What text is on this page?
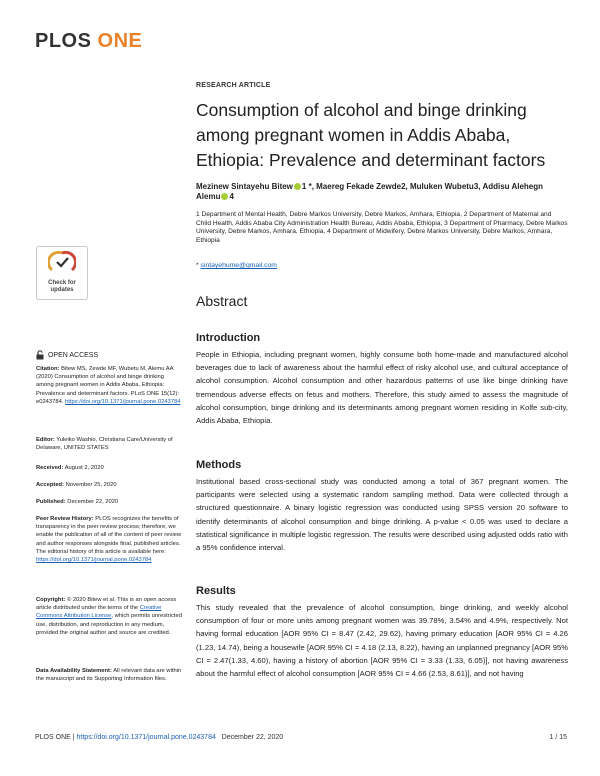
PLOS ONE
RESEARCH ARTICLE
Consumption of alcohol and binge drinking among pregnant women in Addis Ababa, Ethiopia: Prevalence and determinant factors
Mezinew Sintayehu Bitew 1 *, Maereg Fekade Zewde2, Muluken Wubetu3, Addisu Alehegn Alemu 4
1 Department of Mental Health, Debre Markos University, Debre Markos, Amhara, Ethiopia, 2 Department of Maternal and Child Health, Addis Ababa City Administration Health Bureau, Addis Ababa, Ethiopia, 3 Department of Pharmacy, Debre Markos University, Debre Markos, Amhara, Ethiopia, 4 Department of Midwifery, Debre Markos University, Debre Markos, Amhara, Ethiopia
* sintayehume@gmail.com
Abstract
Introduction

People in Ethiopia, including pregnant women, highly consume both home-made and manufactured alcohol beverages due to lack of awareness about the harmful effect of risky alcohol use, and cultural acceptance of alcohol consumption. Alcohol consumption and other hazardous patterns of use like binge drinking have tremendous adverse effects on fetus and mothers. Therefore, this study aimed to assess the magnitude of alcohol consumption, binge drinking and its determinants among pregnant women residing in Kolfe sub-city, Addis Ababa, Ethiopia.

Methods

Institutional based cross-sectional study was conducted among a total of 367 pregnant women. The participants were selected using a systematic random sampling method. Data were collected through a structured questionnaire. A binary logistic regression was conducted using SPSS version 20 software to identify determinants of alcohol consumption and binge drinking. A p-value < 0.05 was used to declare a statistical significance in multiple logistic regression. The results were described using adjusted odds ratio with a 95% confidence interval.

Results

This study revealed that the prevalence of alcohol consumption, binge drinking, and weekly alcohol consumption of four or more units among pregnant women was 39.78%, 3.54% and 4.9%, respectively. Not having formal education [AOR 95% CI = 8.47 (2.42, 29.62), having primary education [AOR 95% CI = 4.26 (1.23, 14.74), being a housewife [AOR 95% CI = 4.18 (2.13, 8.22), having an unplanned pregnancy [AOR 95% CI = 2.47(1.33, 4.60), having a history of abortion [AOR 95% CI = 3.33 (1.33, 6.05)], not having awareness about the harmful effect of alcohol consumption [AOR 95% CI = 4.66 (2.53, 8.61)], and not having

Check for
updates
OPEN ACCESS
Citation: Bitew MS, Zewde MF, Wubetu M, Alemu AA (2020) Consumption of alcohol and binge drinking among pregnant women in Addis Ababa, Ethiopia: Prevalence and determinant factors. PLoS ONE 15(12): e0243784. https://doi.org/10.1371/journal.pone.0243784
Editor: Yuleiko Washio, Christiana Care/University of Delaware, UNITED STATES
Received: August 2, 2020
Accepted: November 25, 2020
Published: December 22, 2020
Peer Review History: PLOS recognizes the benefits of transparency in the peer review process; therefore, we enable the publication of all of the content of peer review and author responses alongside final, published articles. The editorial history of this article is available here: https://doi.org/10.1371/journal.pone.0243784
Copyright: © 2020 Bitew et al. This is an open access article distributed under the terms of the Creative Commons Attribution License, which permits unrestricted use, distribution, and reproduction in any medium, provided the original author and source are credited.
Data Availability Statement: All relevant data are within the manuscript and its Supporting Information files.
PLOS ONE | https://doi.org/10.1371/journal.pone.0243784 December 22, 2020	1 / 15
